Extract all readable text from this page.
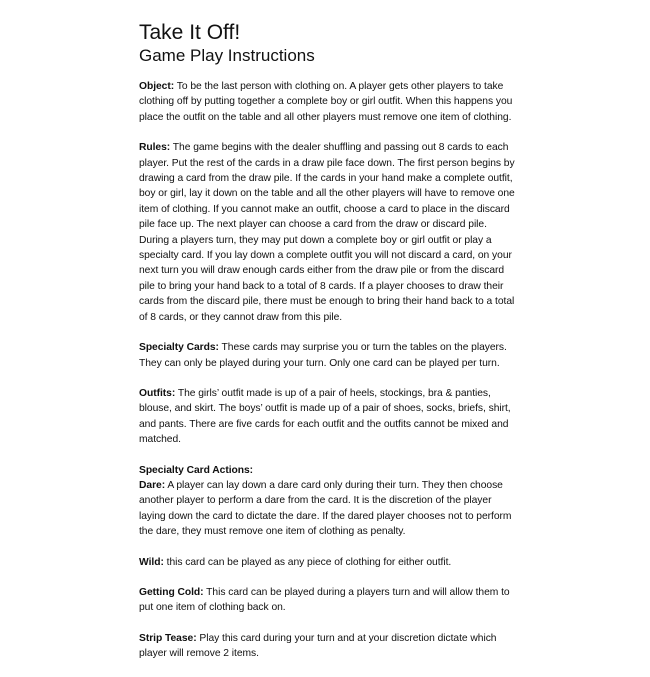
Take It Off!
Game Play Instructions

Object: To be the last person with clothing on. A player gets other players to take clothing off by putting together a complete boy or girl outfit. When this happens you place the outfit on the table and all other players must remove one item of clothing.

Rules: The game begins with the dealer shuffling and passing out 8 cards to each player. Put the rest of the cards in a draw pile face down. The first person begins by drawing a card from the draw pile. If the cards in your hand make a complete outfit, boy or girl, lay it down on the table and all the other players will have to remove one item of clothing. If you cannot make an outfit, choose a card to place in the discard pile face up. The next player can choose a card from the draw or discard pile. During a players turn, they may put down a complete boy or girl outfit or play a specialty card. If you lay down a complete outfit you will not discard a card, on your next turn you will draw enough cards either from the draw pile or from the discard pile to bring your hand back to a total of 8 cards. If a player chooses to draw their cards from the discard pile, there must be enough to bring their hand back to a total of 8 cards, or they cannot draw from this pile.

Specialty Cards: These cards may surprise you or turn the tables on the players. They can only be played during your turn. Only one card can be played per turn.

Outfits: The girls’ outfit made is up of a pair of heels, stockings, bra & panties, blouse, and skirt. The boys’ outfit is made up of a pair of shoes, socks, briefs, shirt, and pants. There are five cards for each outfit and the outfits cannot be mixed and matched.

Specialty Card Actions:
Dare: A player can lay down a dare card only during their turn. They then choose another player to perform a dare from the card. It is the discretion of the player laying down the card to dictate the dare. If the dared player chooses not to perform the dare, they must remove one item of clothing as penalty.

Wild: this card can be played as any piece of clothing for either outfit.

Getting Cold: This card can be played during a players turn and will allow them to put one item of clothing back on.

Strip Tease: Play this card during your turn and at your discretion dictate which player will remove 2 items.
